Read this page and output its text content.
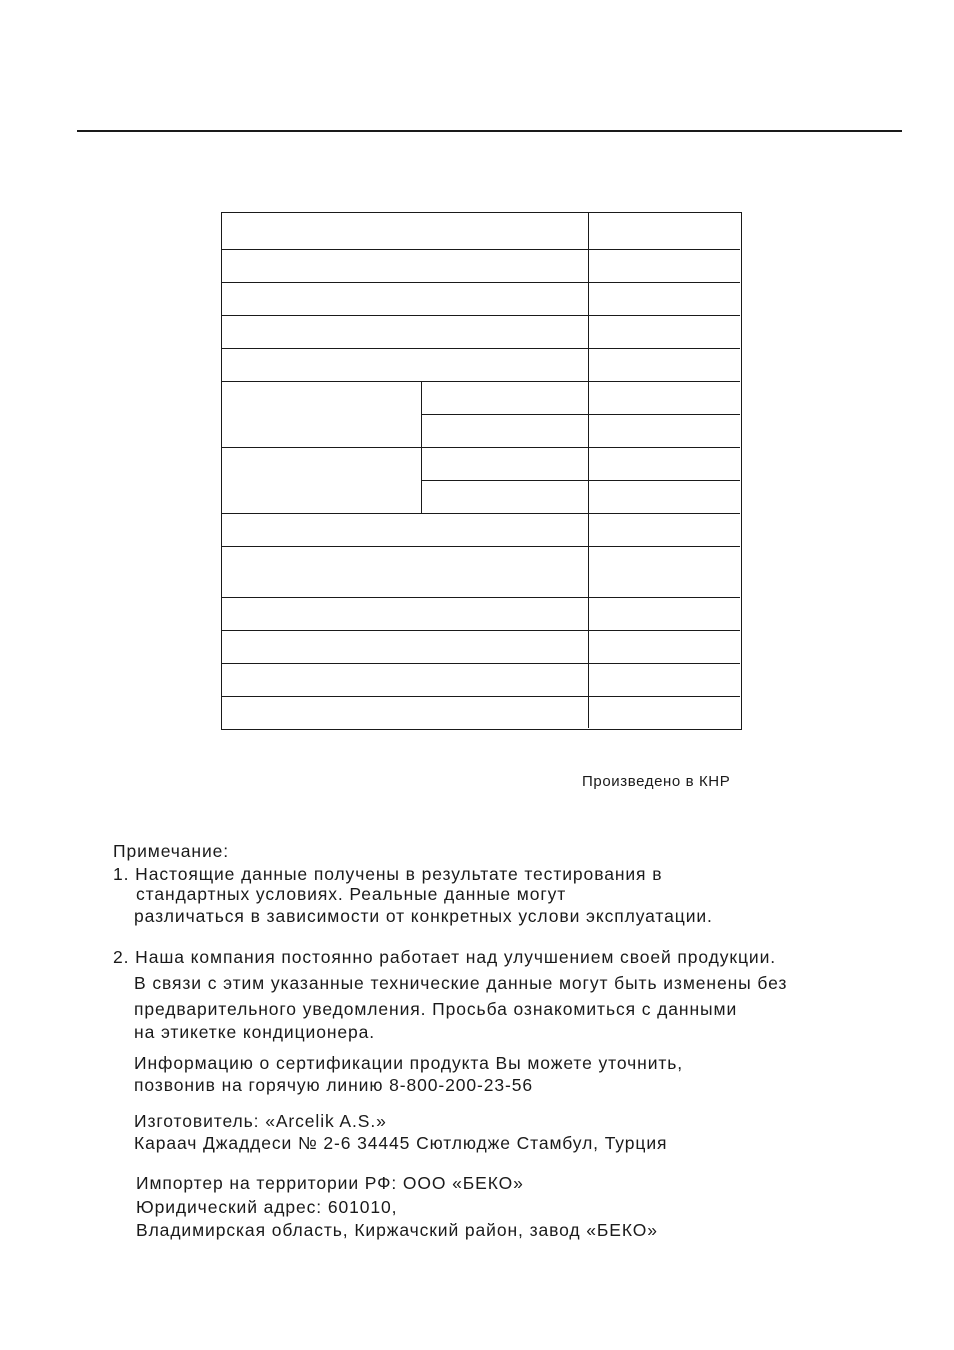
Произведено в КНР
Примечание:
1. Настоящие данные получены в результате тестирования в
стандартных условиях. Реальные данные могут
различаться в зависимости от конкретных услови эксплуатации.
2. Наша компания постоянно работает над улучшением своей продукции.
В связи с этим указанные технические данные могут быть изменены без
предварительного уведомления. Просьба ознакомиться с данными
на этикетке кондиционера.
Информацию о сертификации продукта Вы можете уточнить,
позвонив на горячую линию 8-800-200-23-56
Изготовитель: «Arcelik A.S.»
Караач Джаддеси № 2-6 34445 Сютлюдже Стамбул, Турция
Импортер на территории РФ: ООО «БЕКО»
Юридический адрес: 601010,
Владимирская область, Киржачский район, завод «БЕКО»
